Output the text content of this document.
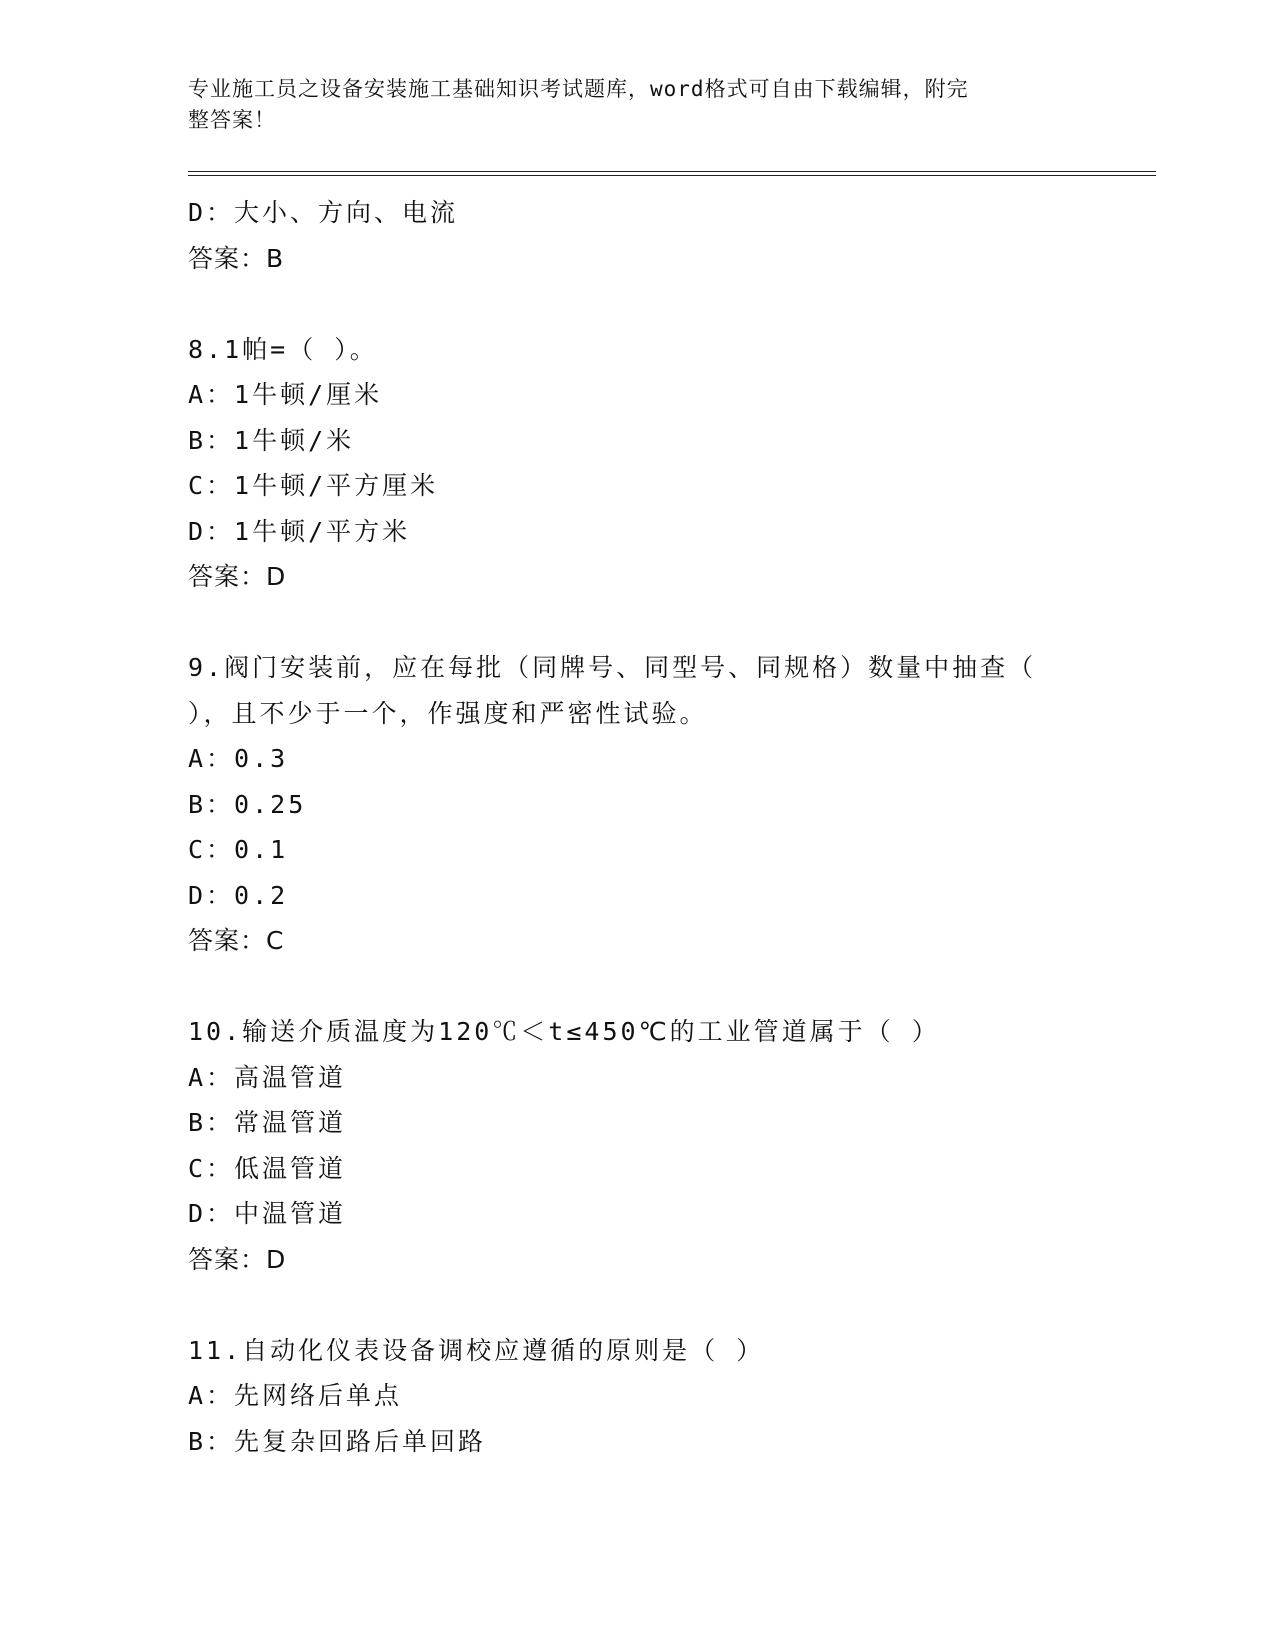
专业施工员之设备安装施工基础知识考试题库，word格式可自由下载编辑，附完
整答案！
D：大小、方向、电流
答案：B
8.1帕=（ ）。
A：1牛顿/厘米
B：1牛顿/米
C：1牛顿/平方厘米
D：1牛顿/平方米
答案：D
9.阀门安装前，应在每批（同牌号、同型号、同规格）数量中抽查（
），且不少于一个，作强度和严密性试验。
A：0.3
B：0.25
C：0.1
D：0.2
答案：C
10.输送介质温度为120℃＜t≤450℃的工业管道属于（ ）
A：高温管道
B：常温管道
C：低温管道
D：中温管道
答案：D
11.自动化仪表设备调校应遵循的原则是（ ）
A：先网络后单点
B：先复杂回路后单回路
